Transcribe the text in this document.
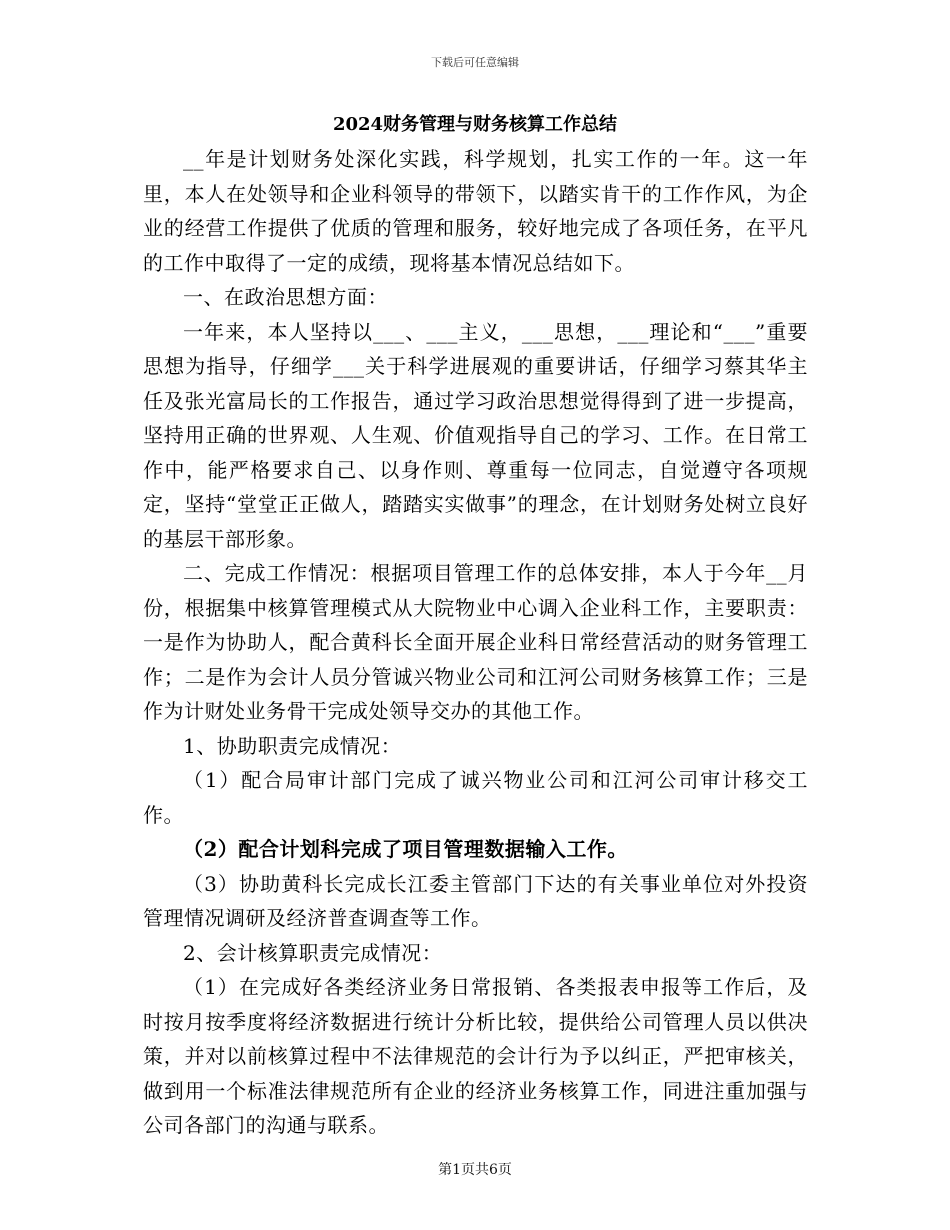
下载后可任意编辑
2024财务管理与财务核算工作总结

__年是计划财务处深化实践，科学规划，扎实工作的一年。这一年里，本人在处领导和企业科领导的带领下，以踏实肯干的工作作风，为企业的经营工作提供了优质的管理和服务，较好地完成了各项任务，在平凡的工作中取得了一定的成绩，现将基本情况总结如下。

一、在政治思想方面：

一年来，本人坚持以___、___主义，___思想，___理论和“___”重要思想为指导，仔细学___关于科学进展观的重要讲话，仔细学习蔡其华主任及张光富局长的工作报告，通过学习政治思想觉得得到了进一步提高，坚持用正确的世界观、人生观、价值观指导自己的学习、工作。在日常工作中，能严格要求自己、以身作则、尊重每一位同志，自觉遵守各项规定，坚持“堂堂正正做人，踏踏实实做事”的理念，在计划财务处树立良好的基层干部形象。

二、完成工作情况：根据项目管理工作的总体安排，本人于今年__月份，根据集中核算管理模式从大院物业中心调入企业科工作，主要职责：一是作为协助人，配合黄科长全面开展企业科日常经营活动的财务管理工作；二是作为会计人员分管诚兴物业公司和江河公司财务核算工作；三是作为计财处业务骨干完成处领导交办的其他工作。

1、协助职责完成情况：

（1）配合局审计部门完成了诚兴物业公司和江河公司审计移交工作。

（2）配合计划科完成了项目管理数据输入工作。

（3）协助黄科长完成长江委主管部门下达的有关事业单位对外投资管理情况调研及经济普查调查等工作。

2、会计核算职责完成情况：

（1）在完成好各类经济业务日常报销、各类报表申报等工作后，及时按月按季度将经济数据进行统计分析比较，提供给公司管理人员以供决策，并对以前核算过程中不法律规范的会计行为予以纠正，严把审核关，做到用一个标准法律规范所有企业的经济业务核算工作，同进注重加强与公司各部门的沟通与联系。

第1页共6页
